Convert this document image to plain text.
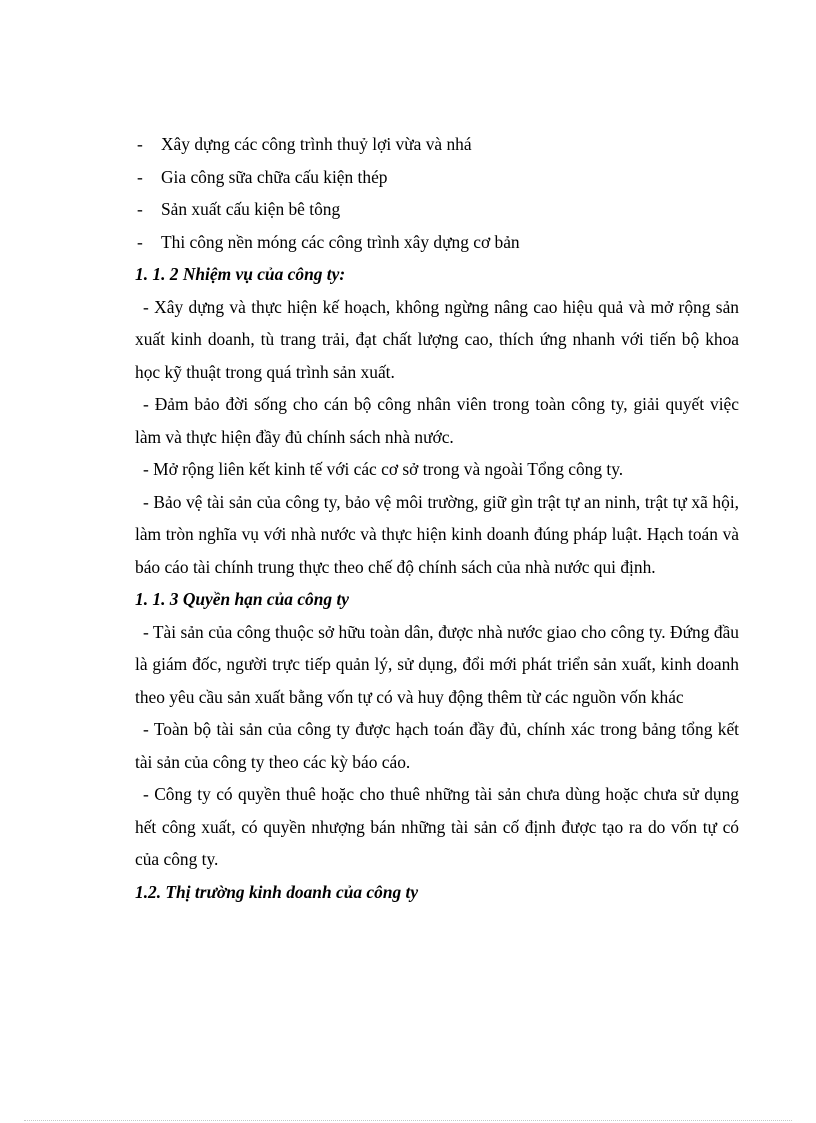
-	Xây dựng các công trình thuỷ lợi vừa và nhá
-	Gia công sữa chữa cấu kiện thép
-	Sản xuất cấu kiện bê tông
-	Thi công nền móng các công trình xây dựng cơ bản
1. 1. 2 Nhiệm vụ của công ty:

- Xây dựng và thực hiện kế hoạch, không ngừng nâng cao hiệu quả và mở rộng sản xuất kinh doanh, tù trang trải, đạt chất lượng cao, thích ứng nhanh với tiến bộ khoa học kỹ thuật trong quá trình sản xuất.

- Đảm bảo đời sống cho cán bộ công nhân viên trong toàn công ty, giải quyết việc làm và thực hiện đầy đủ chính sách nhà nước.

- Mở rộng liên kết kinh tế với các cơ sở trong và ngoài Tổng công ty.

- Bảo vệ tài sản của công ty, bảo vệ môi trường, giữ gìn trật tự an ninh, trật tự xã hội, làm tròn nghĩa vụ với nhà nước và thực hiện kinh doanh đúng pháp luật. Hạch toán và báo cáo tài chính trung thực theo chế độ chính sách của nhà nước qui định.

1. 1. 3 Quyền hạn của công ty

- Tài sản của công thuộc sở hữu toàn dân, được nhà nước giao cho công ty. Đứng đầu là giám đốc, người trực tiếp quản lý, sử dụng, đổi mới phát triển sản xuất, kinh doanh theo yêu cầu sản xuất bằng vốn tự có và huy động thêm từ các nguồn vốn khác

- Toàn bộ tài sản của công ty được hạch toán đầy đủ, chính xác trong bảng tổng kết tài sản của công ty theo các kỳ báo cáo.

- Công ty có quyền thuê hoặc cho thuê những tài sản chưa dùng hoặc chưa sử dụng hết công xuất, có quyền nhượng bán những tài sản cố định được tạo ra do vốn tự có của công ty.

1.2. Thị trường kinh doanh của công ty
